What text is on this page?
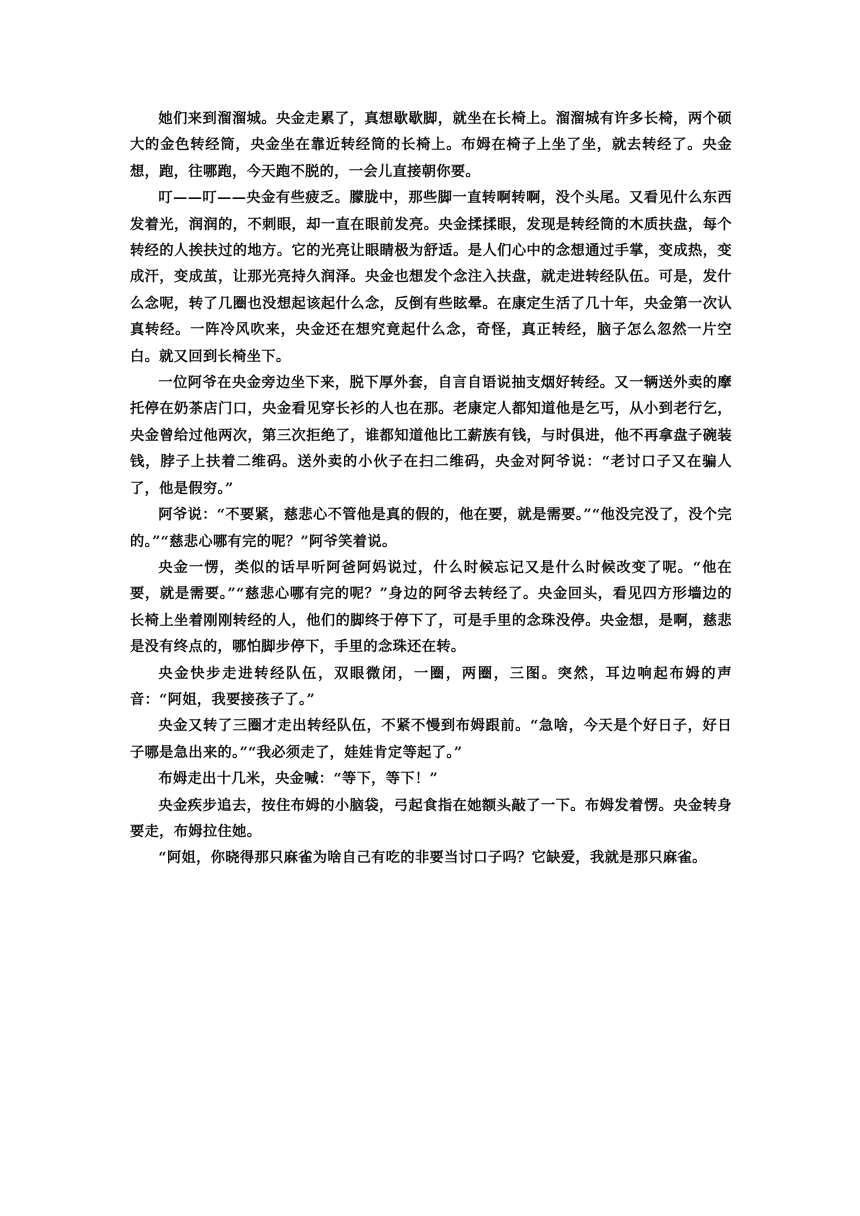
她们来到溜溜城。央金走累了，真想歇歇脚，就坐在长椅上。溜溜城有许多长椅，两个硕大的金色转经筒，央金坐在靠近转经筒的长椅上。布姆在椅子上坐了坐，就去转经了。央金想，跑，往哪跑，今天跑不脱的，一会儿直接朝你要。

叮——叮——央金有些疲乏。朦胧中，那些脚一直转啊转啊，没个头尾。又看见什么东西发着光，润润的，不刺眼，却一直在眼前发亮。央金揉揉眼，发现是转经筒的木质扶盘，每个转经的人挨扶过的地方。它的光亮让眼睛极为舒适。是人们心中的念想通过手掌，变成热，变成汗，变成茧，让那光亮持久润泽。央金也想发个念注入扶盘，就走进转经队伍。可是，发什么念呢，转了几圈也没想起该起什么念，反倒有些眩晕。在康定生活了几十年，央金第一次认真转经。一阵冷风吹来，央金还在想究竟起什么念，奇怪，真正转经，脑子怎么忽然一片空白。就又回到长椅坐下。

一位阿爷在央金旁边坐下来，脱下厚外套，自言自语说抽支烟好转经。又一辆送外卖的摩托停在奶茶店门口，央金看见穿长衫的人也在那。老康定人都知道他是乞丐，从小到老行乞，央金曾给过他两次，第三次拒绝了，谁都知道他比工薪族有钱，与时俱进，他不再拿盘子碗装钱，脖子上扶着二维码。送外卖的小伙子在扫二维码，央金对阿爷说：“老讨口子又在骗人了，他是假穷。”

阿爷说：“不要紧，慈悲心不管他是真的假的，他在要，就是需要。”“他没完没了，没个完的。”“慈悲心哪有完的呢？”阿爷笑着说。

央金一愣，类似的话早听阿爸阿妈说过，什么时候忘记又是什么时候改变了呢。“他在要，就是需要。”“慈悲心哪有完的呢？”身边的阿爷去转经了。央金回头，看见四方形墙边的长椅上坐着刚刚转经的人，他们的脚终于停下了，可是手里的念珠没停。央金想，是啊，慈悲是没有终点的，哪怕脚步停下，手里的念珠还在转。

央金快步走进转经队伍，双眼微闭，一圈，两圈，三图。突然，耳边响起布姆的声音：“阿姐，我要接孩子了。”

央金又转了三圈才走出转经队伍，不紧不慢到布姆跟前。“急啥，今天是个好日子，好日子哪是急出来的。”“我必须走了，娃娃肯定等起了。”

布姆走出十几米，央金喊：“等下，等下！”

央金疾步追去，按住布姆的小脑袋，弓起食指在她额头敲了一下。布姆发着愣。央金转身要走，布姆拉住她。

“阿姐，你晓得那只麻雀为啥自己有吃的非要当讨口子吗？它缺爱，我就是那只麻雀。
